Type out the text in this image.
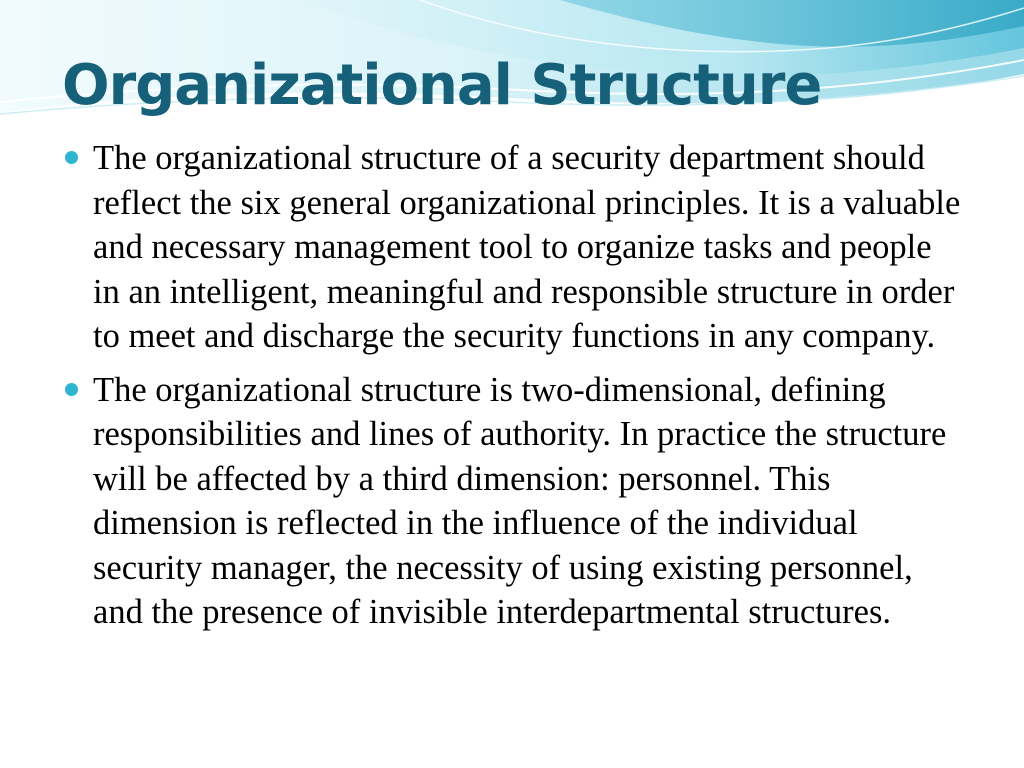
Organizational Structure
The organizational structure of a security department should reflect the six general organizational principles. It is a valuable and necessary management tool to organize tasks and people in an intelligent, meaningful and responsible structure in order to meet and discharge the security functions in any company.
The organizational structure is two-dimensional, defining responsibilities and lines of authority. In practice the structure will be affected by a third dimension: personnel. This dimension is reflected in the influence of the individual security manager, the necessity of using existing personnel, and the presence of invisible interdepartmental structures.
